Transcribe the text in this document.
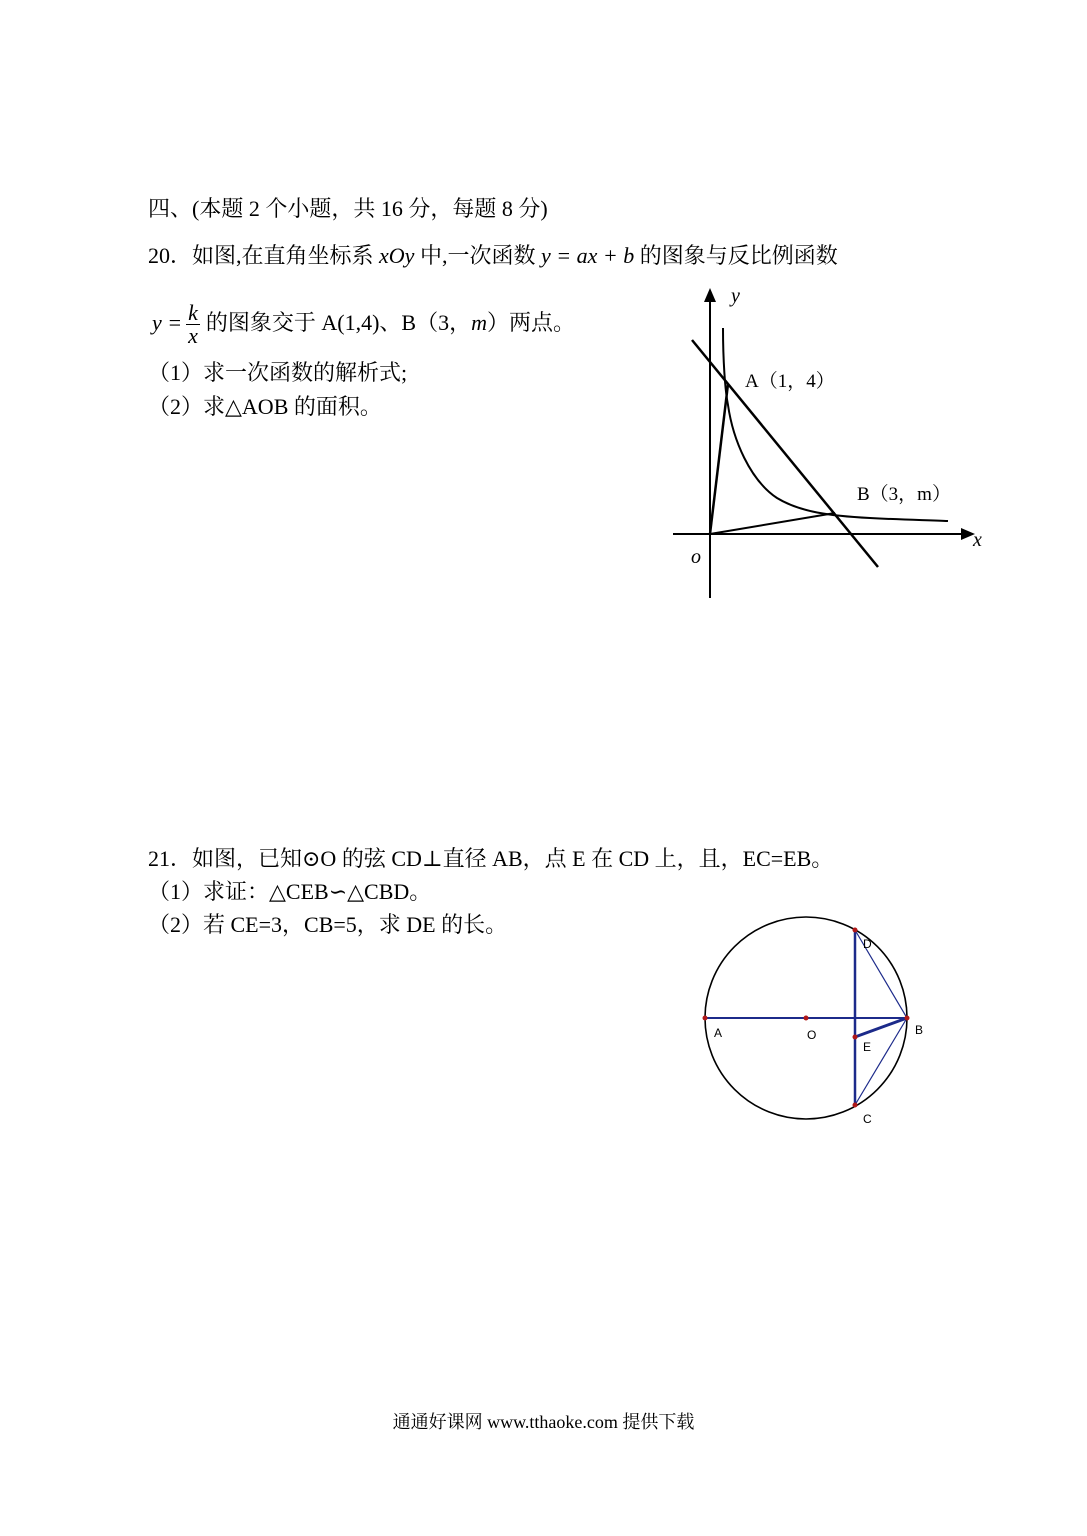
四、(本题 2 个小题，共 16 分，每题 8 分)
20．如图,在直角坐标系 xOy 中,一次函数 y = ax + b 的图象与反比例函数
$y = \frac{k}{x}$ 的图象交于 A(1,4)、B（3，m）两点。
（1）求一次函数的解析式;
（2）求△AOB 的面积。
y
x
o
A（1，4）
B（3，m）
21．如图，已知⊙O 的弦 CD⊥直径 AB，点 E 在 CD 上，且，EC=EB。
（1）求证：△CEB∽△CBD。
（2）若 CE=3，CB=5，求 DE 的长。
A	O	B
D
E
C
通通好课网 www.tthaoke.com 提供下载
